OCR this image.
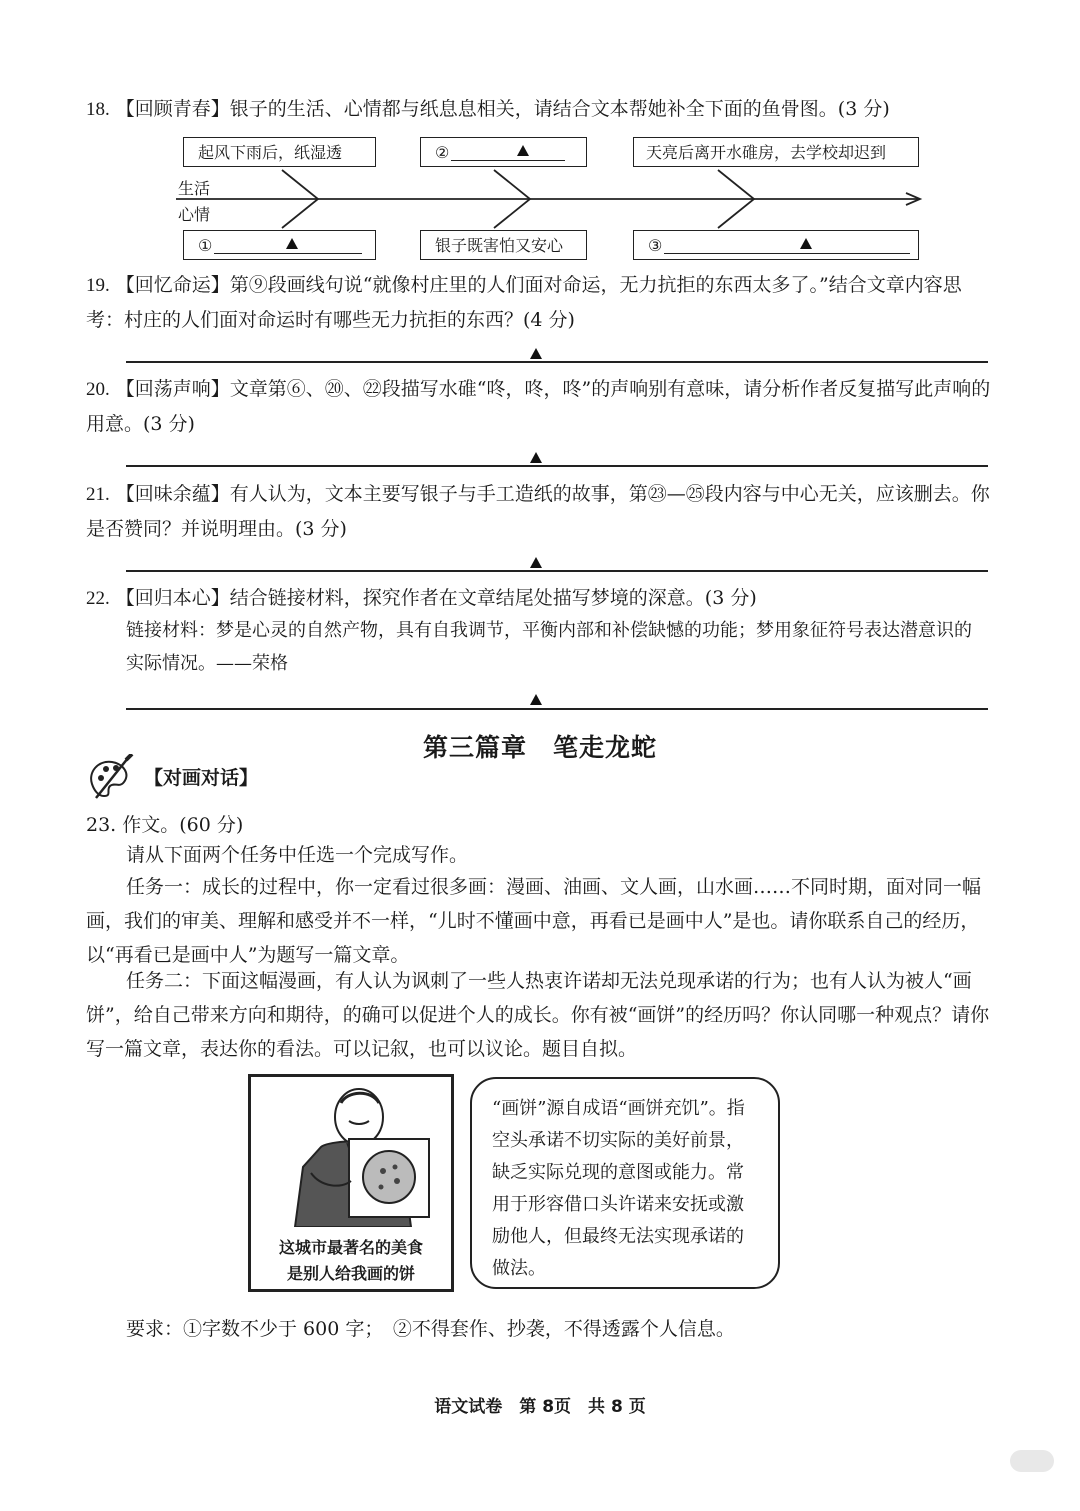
18. 【回顾青春】银子的生活、心情都与纸息息相关，请结合文本帮她补全下面的鱼骨图。(3 分)
生活
心情
起风下雨后，纸湿透	②	天亮后离开水碓房，去学校却迟到
①	银子既害怕又安心	③
19. 【回忆命运】第⑨段画线句说“就像村庄里的人们面对命运，无力抗拒的东西太多了。”结合文章内容思考：村庄的人们面对命运时有哪些无力抗拒的东西？(4 分)
20. 【回荡声响】文章第⑥、⑳、㉒段描写水碓“咚，咚，咚”的声响别有意味，请分析作者反复描写此声响的用意。(3 分)
21. 【回味余蕴】有人认为，文本主要写银子与手工造纸的故事，第㉓—㉕段内容与中心无关，应该删去。你是否赞同？并说明理由。(3 分)
22. 【回归本心】结合链接材料，探究作者在文章结尾处描写梦境的深意。(3 分)
链接材料：梦是心灵的自然产物，具有自我调节，平衡内部和补偿缺憾的功能；梦用象征符号表达潜意识的实际情况。——荣格
第三篇章　笔走龙蛇
【对画对话】
23. 作文。(60 分)
请从下面两个任务中任选一个完成写作。
任务一：成长的过程中，你一定看过很多画：漫画、油画、文人画，山水画……不同时期，面对同一幅画，我们的审美、理解和感受并不一样，“儿时不懂画中意，再看已是画中人”是也。请你联系自己的经历，以“再看已是画中人”为题写一篇文章。
任务二：下面这幅漫画，有人认为讽刺了一些人热衷许诺却无法兑现承诺的行为；也有人认为被人“画饼”，给自己带来方向和期待，的确可以促进个人的成长。你有被“画饼”的经历吗？你认同哪一种观点？请你写一篇文章，表达你的看法。可以记叙，也可以议论。题目自拟。
这城市最著名的美食
是别人给我画的饼
“画饼”源自成语“画饼充饥”。指空头承诺不切实际的美好前景，缺乏实际兑现的意图或能力。常用于形容借口头许诺来安抚或激励他人，但最终无法实现承诺的做法。
要求：①字数不少于 600 字；　②不得套作、抄袭，不得透露个人信息。
语文试卷　第 8页　共 8 页
